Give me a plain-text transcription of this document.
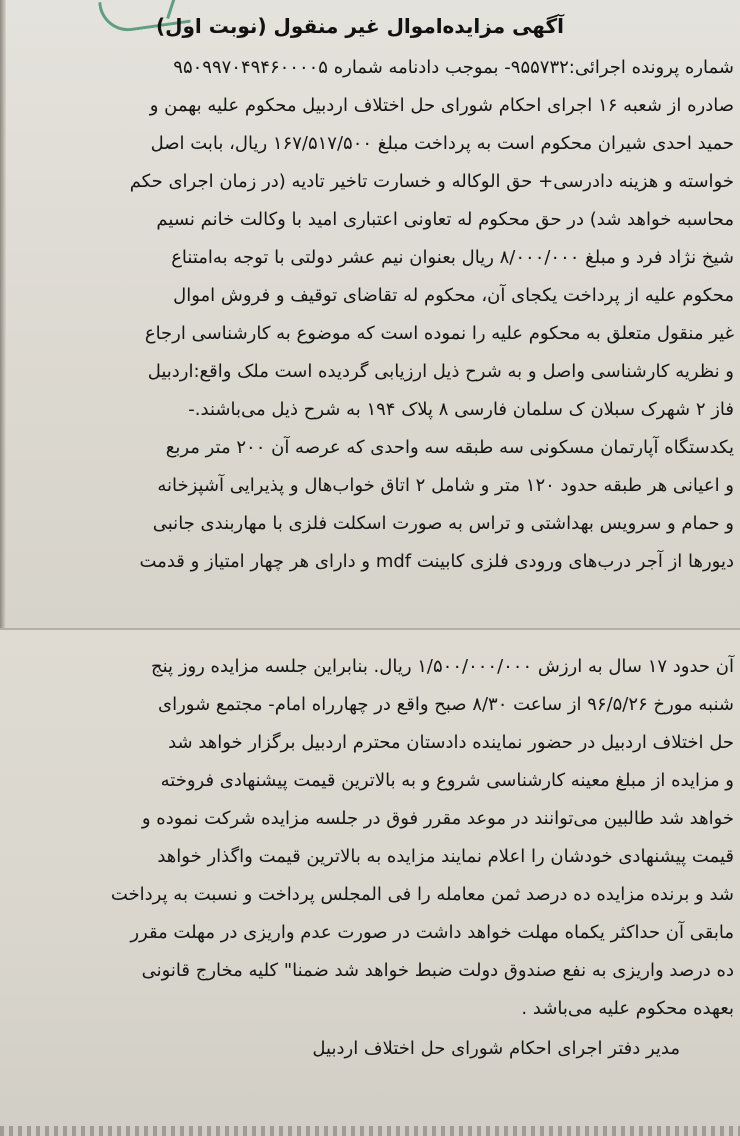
آگهی مزایده‌اموال غیر منقول (نوبت اول)
شماره پرونده اجرائی:۹۵۵۷۳۲- بموجب دادنامه شماره ۹۵۰۹۹۷۰۴۹۴۶۰۰۰۰۵
صادره از شعبه ۱۶ اجرای احکام شورای حل اختلاف اردبیل محکوم علیه بهمن و
حمید احدی شیران محکوم است به پرداخت مبلغ ۱۶۷/۵۱۷/۵۰۰ ریال، بابت اصل
خواسته و هزینه دادرسی+ حق الوکاله و خسارت تاخیر تادیه (در زمان اجرای حکم
محاسبه خواهد شد) در حق محکوم له تعاونی اعتباری امید با وکالت خانم نسیم
شیخ نژاد فرد و مبلغ ۸/۰۰۰/۰۰۰ ریال بعنوان نیم عشر دولتی با توجه به‌امتناع
محکوم علیه از پرداخت یکجای آن، محکوم له تقاضای توقیف و فروش اموال
غیر منقول متعلق به محکوم علیه را نموده است که موضوع به کارشناسی ارجاع
و نظریه کارشناسی واصل و به شرح ذیل ارزیابی گردیده است ملک واقع:اردبیل
فاز ۲ شهرک سبلان ک سلمان فارسی ۸ پلاک ۱۹۴ به شرح ذیل می‌باشند.-
یکدستگاه آپارتمان مسکونی سه طبقه سه واحدی که عرصه آن ۲۰۰ متر مربع
و اعیانی هر طبقه حدود ۱۲۰ متر و شامل ۲ اتاق خواب‌هال و پذیرایی آشپزخانه
و حمام و سرویس بهداشتی و تراس به صورت اسکلت فلزی با مهاربندی جانبی
دیورها از آجر درب‌های ورودی فلزی کابینت mdf و دارای هر چهار امتیاز و قدمت
آن حدود ۱۷ سال به ارزش ۱/۵۰۰/۰۰۰/۰۰۰ ریال. بنابراین جلسه مزایده روز پنج
شنبه مورخ ۹۶/۵/۲۶ از ساعت ۸/۳۰ صبح واقع در چهارراه امام- مجتمع شورای
حل اختلاف اردبیل در حضور نماینده دادستان محترم اردبیل برگزار خواهد شد
و مزایده از مبلغ معینه کارشناسی شروع و به بالاترین قیمت پیشنهادی فروخته
خواهد شد طالبین می‌توانند در موعد مقرر فوق در جلسه مزایده شرکت نموده و
قیمت پیشنهادی خودشان را اعلام نمایند مزایده به بالاترین قیمت واگذار خواهد
شد و برنده مزایده ده درصد ثمن معامله را فی المجلس پرداخت و نسبت به پرداخت
مابقی آن حداکثر یکماه مهلت خواهد داشت در صورت عدم واریزی در مهلت مقرر
ده درصد واریزی به نفع صندوق دولت ضبط خواهد شد ضمنا" کلیه مخارج قانونی
بعهده محکوم علیه می‌باشد .
مدیر دفتر اجرای احکام شورای حل اختلاف اردبیل
